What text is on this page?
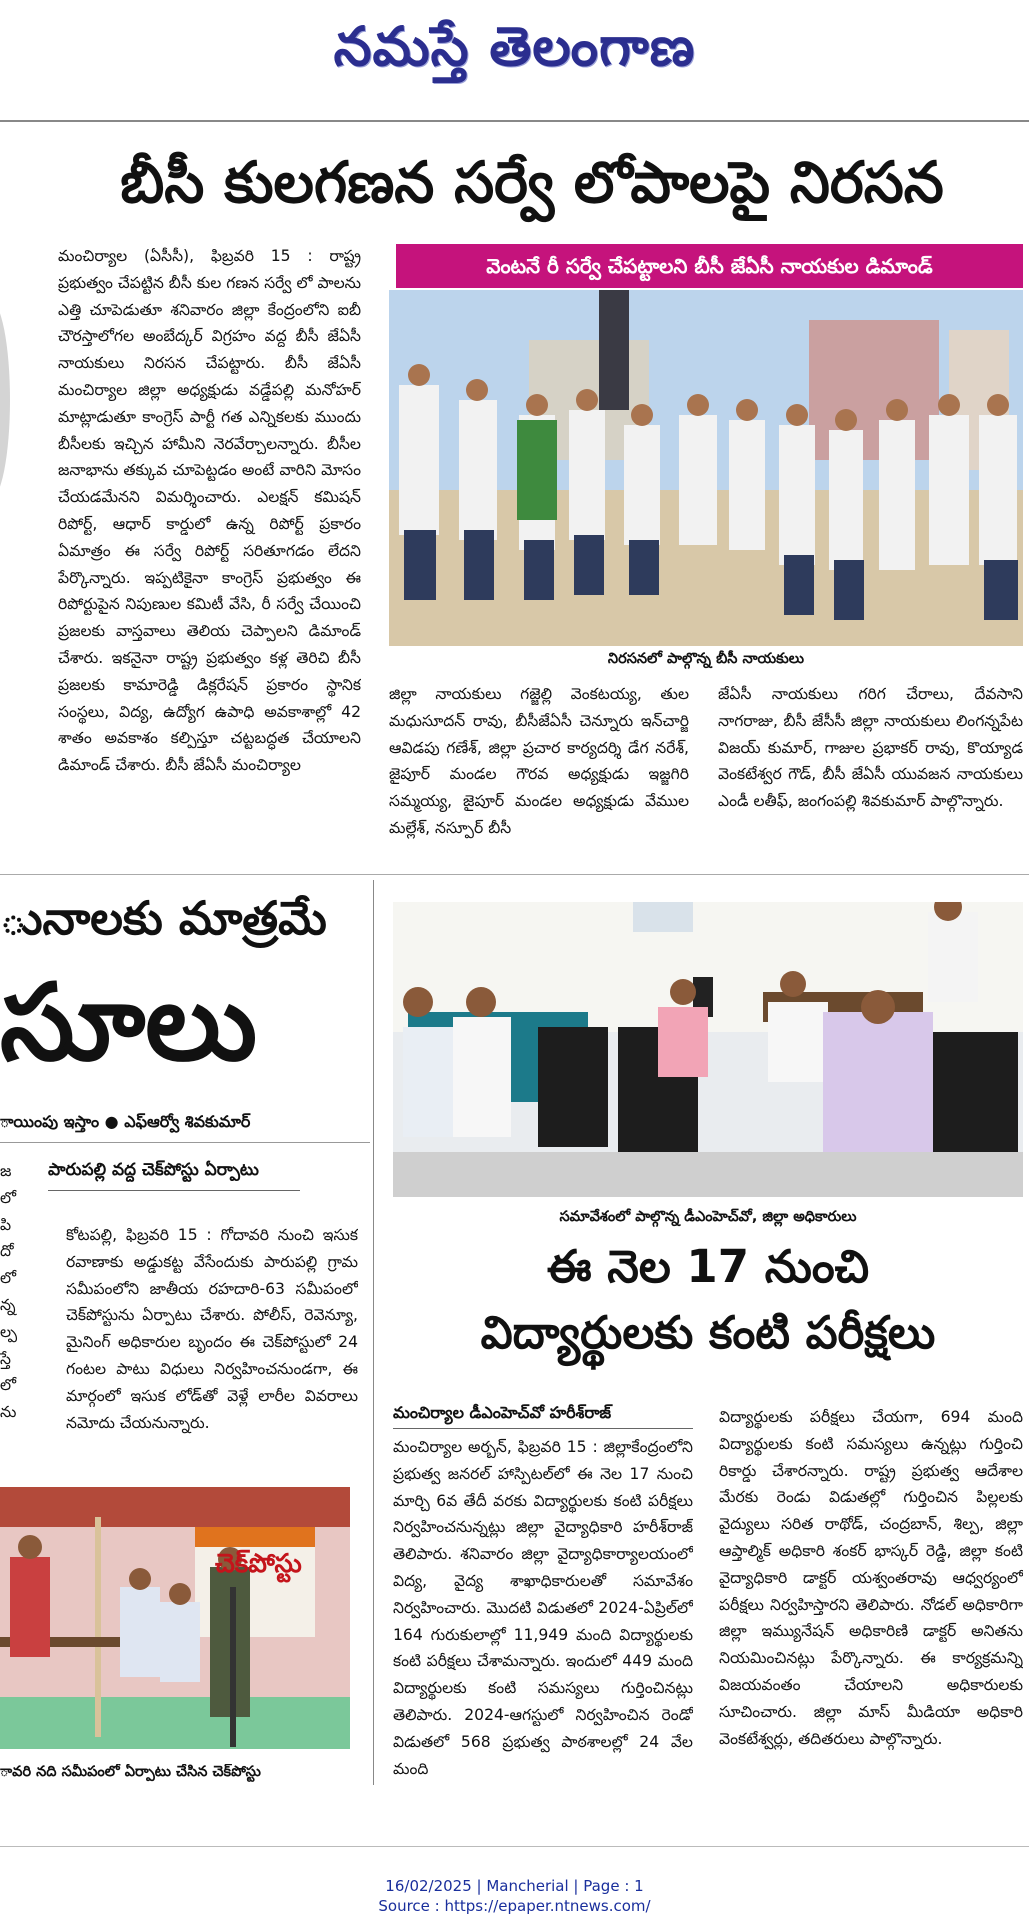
నమస్తే తెలంగాణ
బీసీ కులగణన సర్వే లోపాలపై నిరసన
మంచిర్యాల (ఏసీసీ), ఫిబ్రవరి 15 : రాష్ట్ర ప్రభుత్వం చేపట్టిన బీసీ కుల గణన సర్వే లో పాలను ఎత్తి చూపెడుతూ శనివారం జిల్లా కేంద్రంలోని ఐబీ చౌరస్తాలోగల అంబేద్కర్ విగ్రహం వద్ద బీసీ జేఏసీ నాయకులు నిరసన చేపట్టారు. బీసీ జేఏసీ మంచిర్యాల జిల్లా అధ్యక్షుడు వడ్డేపల్లి మనోహర్ మాట్లాడుతూ కాంగ్రెస్ పార్టీ గత ఎన్నికలకు ముందు బీసీలకు ఇచ్చిన హామీని నెరవేర్చాలన్నారు. బీసీల జనాభాను తక్కువ చూపెట్టడం అంటే వారిని మోసం చేయడమేనని విమర్శించారు. ఎలక్షన్ కమిషన్ రిపోర్ట్, ఆధార్ కార్డులో ఉన్న రిపోర్ట్ ప్రకారం ఏమాత్రం ఈ సర్వే రిపోర్ట్ సరితూగడం లేదని పేర్కొన్నారు. ఇప్పటికైనా కాంగ్రెస్ ప్రభుత్వం ఈ రిపోర్టుపైన నిపుణుల కమిటీ వేసి, రీ సర్వే చేయించి ప్రజలకు వాస్తవాలు తెలియ చెప్పాలని డిమాండ్ చేశారు. ఇకనైనా రాష్ట్ర ప్రభుత్వం కళ్ల తెరిచి బీసీ ప్రజలకు కామారెడ్డి డిక్లరేషన్ ప్రకారం స్థానిక సంస్థలు, విద్య, ఉద్యోగ ఉపాధి అవకాశాల్లో 42 శాతం అవకాశం కల్పిస్తూ చట్టబద్ధత చేయాలని డిమాండ్ చేశారు. బీసీ జేఏసీ మంచిర్యాల
వెంటనే రీ సర్వే చేపట్టాలని బీసీ జేఏసీ నాయకుల డిమాండ్
నిరసనలో పాల్గొన్న బీసీ నాయకులు
జిల్లా నాయకులు గజ్జెల్లి వెంకటయ్య, తుల మధుసూదన్ రావు, బీసీజేఏసీ చెన్నూరు ఇన్‌చార్జి ఆవిడపు గణేశ్, జిల్లా ప్రచార కార్యదర్శి డేగ నరేశ్, జైపూర్ మండల గౌరవ అధ్యక్షుడు ఇజ్జగిరి సమ్మయ్య, జైపూర్ మండల అధ్యక్షుడు వేముల మల్లేశ్, నస్పూర్ బీసీ
జేఏసీ నాయకులు గరిగ చేరాలు, దేవసాని నాగరాజు, బీసీ జేసీసీ జిల్లా నాయకులు లింగన్నపేట విజయ్ కుమార్, గాజుల ప్రభాకర్ రావు, కొయ్యాడ వెంకటేశ్వర గౌడ్, బీసీ జేఏసీ యువజన నాయకులు ఎండీ లతీఫ్, జంగంపల్లి శివకుమార్ పాల్గొన్నారు.
ునాలకు మాత్రమే
సూలు
ాయింపు ఇస్తాం ● ఎఫ్ఆర్వో శివకుమార్
జ
లో
పి
దో
లో
న్న
ల్ప
స్తే
లో
ను
పారుపల్లి వద్ద చెక్‌పోస్టు ఏర్పాటు
కోటపల్లి, ఫిబ్రవరి 15 : గోదావరి నుంచి ఇసుక రవాణాకు అడ్డుకట్ట వేసేందుకు పారుపల్లి గ్రామ సమీపంలోని జాతీయ రహదారి-63 సమీపంలో చెక్‌పోస్టును ఏర్పాటు చేశారు. పోలీస్, రెవెన్యూ, మైనింగ్ అధికారుల బృందం ఈ చెక్‌పోస్టులో 24 గంటల పాటు విధులు నిర్వహించనుండగా, ఈ మార్గంలో ఇసుక లోడ్‌తో వెళ్లే లారీల వివరాలు నమోదు చేయనున్నారు.
చెక్‌పోస్టు
ావరి నది సమీపంలో ఏర్పాటు చేసిన చెక్‌పోస్టు
సమావేశంలో పాల్గొన్న డీఎంహెచ్‌వో, జిల్లా అధికారులు
ఈ నెల 17 నుంచి
విద్యార్థులకు కంటి పరీక్షలు
మంచిర్యాల డీఎంహెచ్‌వో హరీశ్‌రాజ్
మంచిర్యాల అర్బన్, ఫిబ్రవరి 15 : జిల్లాకేంద్రంలోని ప్రభుత్వ జనరల్ హాస్పిటల్‌లో ఈ నెల 17 నుంచి మార్చి 6వ తేదీ వరకు విద్యార్థులకు కంటి పరీక్షలు నిర్వహించనున్నట్లు జిల్లా వైద్యాధికారి హరీశ్‌రాజ్ తెలిపారు. శనివారం జిల్లా వైద్యాధికార్యాలయంలో విద్య, వైద్య శాఖాధికారులతో సమావేశం నిర్వహించారు. మొదటి విడుతలో 2024-ఏప్రిల్‌లో 164 గురుకులాల్లో 11,949 మంది విద్యార్థులకు కంటి పరీక్షలు చేశామన్నారు. ఇందులో 449 మంది విద్యార్థులకు కంటి సమస్యలు గుర్తించినట్లు తెలిపారు. 2024-ఆగస్టులో నిర్వహించిన రెండో విడుతలో 568 ప్రభుత్వ పాఠశాలల్లో 24 వేల మంది
విద్యార్థులకు పరీక్షలు చేయగా, 694 మంది విద్యార్థులకు కంటి సమస్యలు ఉన్నట్లు గుర్తించి రికార్డు చేశారన్నారు. రాష్ట్ర ప్రభుత్వ ఆదేశాల మేరకు రెండు విడుతల్లో గుర్తించిన పిల్లలకు వైద్యులు సరిత రాథోడ్, చంద్రబాన్, శిల్ప, జిల్లా ఆప్తాల్మిక్ అధికారి శంకర్ భాస్కర్ రెడ్డి, జిల్లా కంటి వైద్యాధికారి డాక్టర్ యశ్వంతరావు ఆధ్వర్యంలో పరీక్షలు నిర్వహిస్తారని తెలిపారు. నోడల్ అధికారిగా జిల్లా ఇమ్యునేషన్ అధికారిణి డాక్టర్ అనితను నియమించినట్లు పేర్కొన్నారు. ఈ కార్యక్రమన్ని విజయవంతం చేయాలని అధికారులకు సూచించారు. జిల్లా మాస్ మీడియా అధికారి వెంకటేశ్వర్లు, తదితరులు పాల్గొన్నారు.
16/02/2025 | Mancherial | Page : 1
Source : https://epaper.ntnews.com/
